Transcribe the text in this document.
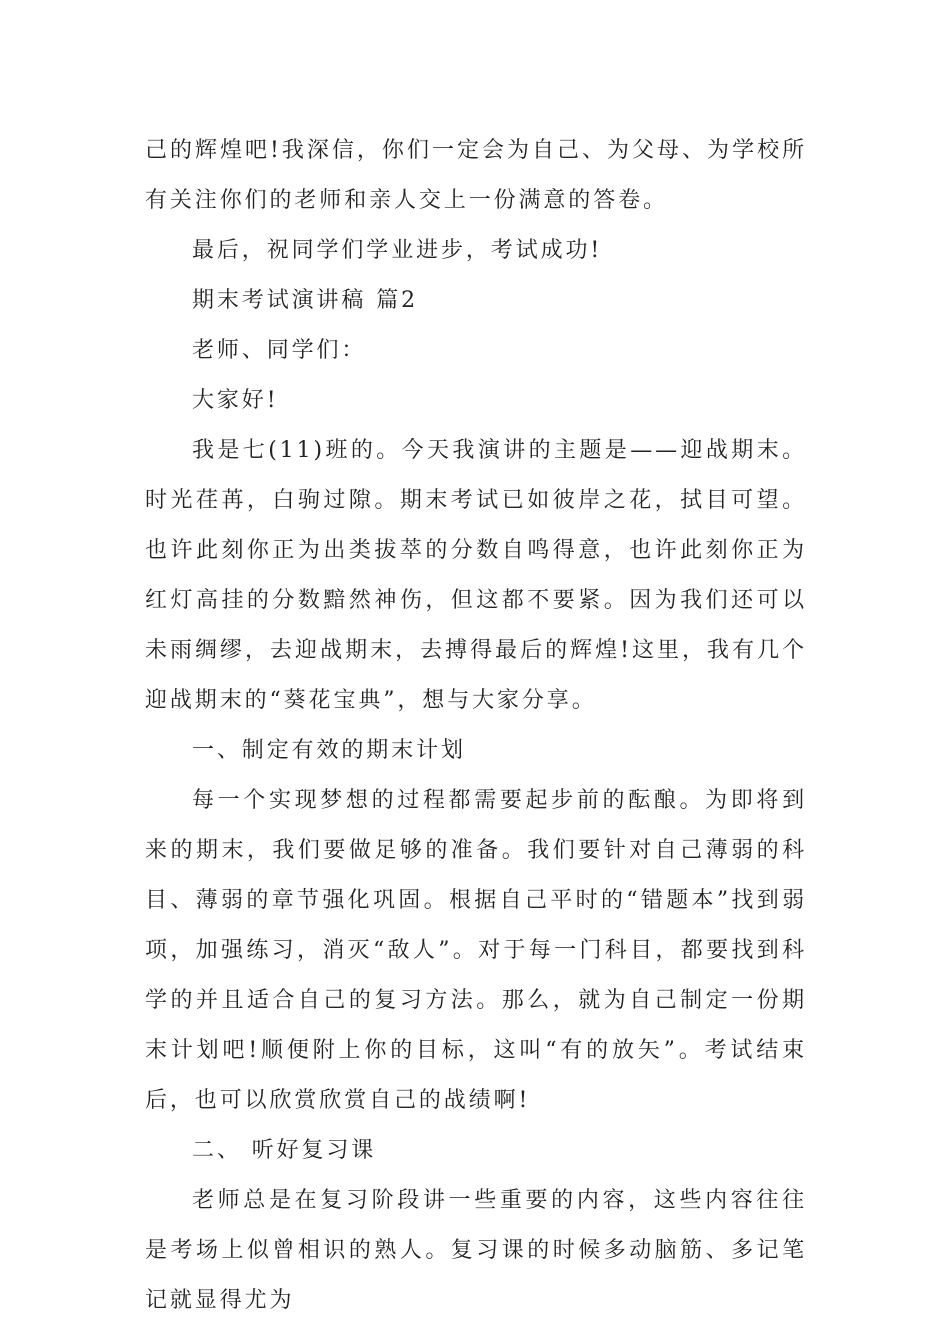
己的辉煌吧!我深信，你们一定会为自己、为父母、为学校所有关注你们的老师和亲人交上一份满意的答卷。

最后，祝同学们学业进步，考试成功!

期末考试演讲稿 篇2

老师、同学们：

大家好!

我是七(11)班的。今天我演讲的主题是——迎战期末。时光荏苒，白驹过隙。期末考试已如彼岸之花，拭目可望。也许此刻你正为出类拔萃的分数自鸣得意，也许此刻你正为红灯高挂的分数黯然神伤，但这都不要紧。因为我们还可以未雨绸缪，去迎战期末，去搏得最后的辉煌!这里，我有几个迎战期末的“葵花宝典”，想与大家分享。

一、制定有效的期末计划

每一个实现梦想的过程都需要起步前的酝酿。为即将到来的期末，我们要做足够的准备。我们要针对自己薄弱的科目、薄弱的章节强化巩固。根据自己平时的“错题本”找到弱项，加强练习，消灭“敌人”。对于每一门科目，都要找到科学的并且适合自己的复习方法。那么，就为自己制定一份期末计划吧!顺便附上你的目标，这叫“有的放矢”。考试结束后，也可以欣赏欣赏自己的战绩啊!

二、 听好复习课

老师总是在复习阶段讲一些重要的内容，这些内容往往是考场上似曾相识的熟人。复习课的时候多动脑筋、多记笔记就显得尤为
